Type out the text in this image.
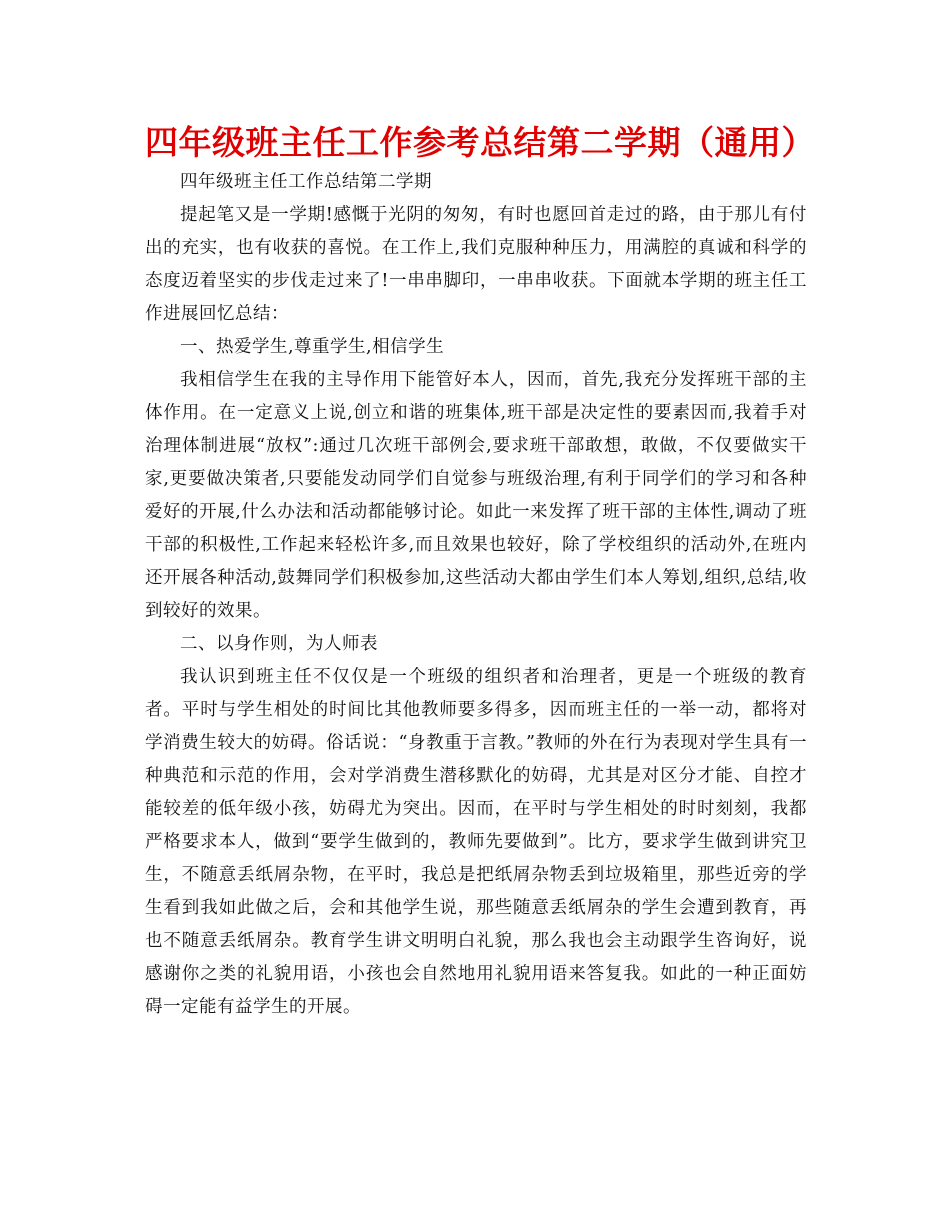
四年级班主任工作参考总结第二学期（通用）

四年级班主任工作总结第二学期

提起笔又是一学期!感慨于光阴的匆匆，有时也愿回首走过的路，由于那儿有付出的充实，也有收获的喜悦。在工作上,我们克服种种压力，用满腔的真诚和科学的态度迈着坚实的步伐走过来了!一串串脚印，一串串收获。下面就本学期的班主任工作进展回忆总结：

一、热爱学生,尊重学生,相信学生

我相信学生在我的主导作用下能管好本人，因而，首先,我充分发挥班干部的主体作用。在一定意义上说,创立和谐的班集体,班干部是决定性的要素因而,我着手对治理体制进展“放权”:通过几次班干部例会,要求班干部敢想，敢做，不仅要做实干家,更要做决策者,只要能发动同学们自觉参与班级治理,有利于同学们的学习和各种爱好的开展,什么办法和活动都能够讨论。如此一来发挥了班干部的主体性,调动了班干部的积极性,工作起来轻松许多,而且效果也较好，除了学校组织的活动外,在班内还开展各种活动,鼓舞同学们积极参加,这些活动大都由学生们本人筹划,组织,总结,收到较好的效果。

二、以身作则，为人师表

我认识到班主任不仅仅是一个班级的组织者和治理者，更是一个班级的教育者。平时与学生相处的时间比其他教师要多得多，因而班主任的一举一动，都将对学消费生较大的妨碍。俗话说：“身教重于言教。”教师的外在行为表现对学生具有一种典范和示范的作用，会对学消费生潜移默化的妨碍，尤其是对区分才能、自控才能较差的低年级小孩，妨碍尤为突出。因而，在平时与学生相处的时时刻刻，我都严格要求本人，做到“要学生做到的，教师先要做到”。比方，要求学生做到讲究卫生，不随意丢纸屑杂物，在平时，我总是把纸屑杂物丢到垃圾箱里，那些近旁的学生看到我如此做之后，会和其他学生说，那些随意丢纸屑杂的学生会遭到教育，再也不随意丢纸屑杂。教育学生讲文明明白礼貌，那么我也会主动跟学生咨询好，说感谢你之类的礼貌用语，小孩也会自然地用礼貌用语来答复我。如此的一种正面妨碍一定能有益学生的开展。
